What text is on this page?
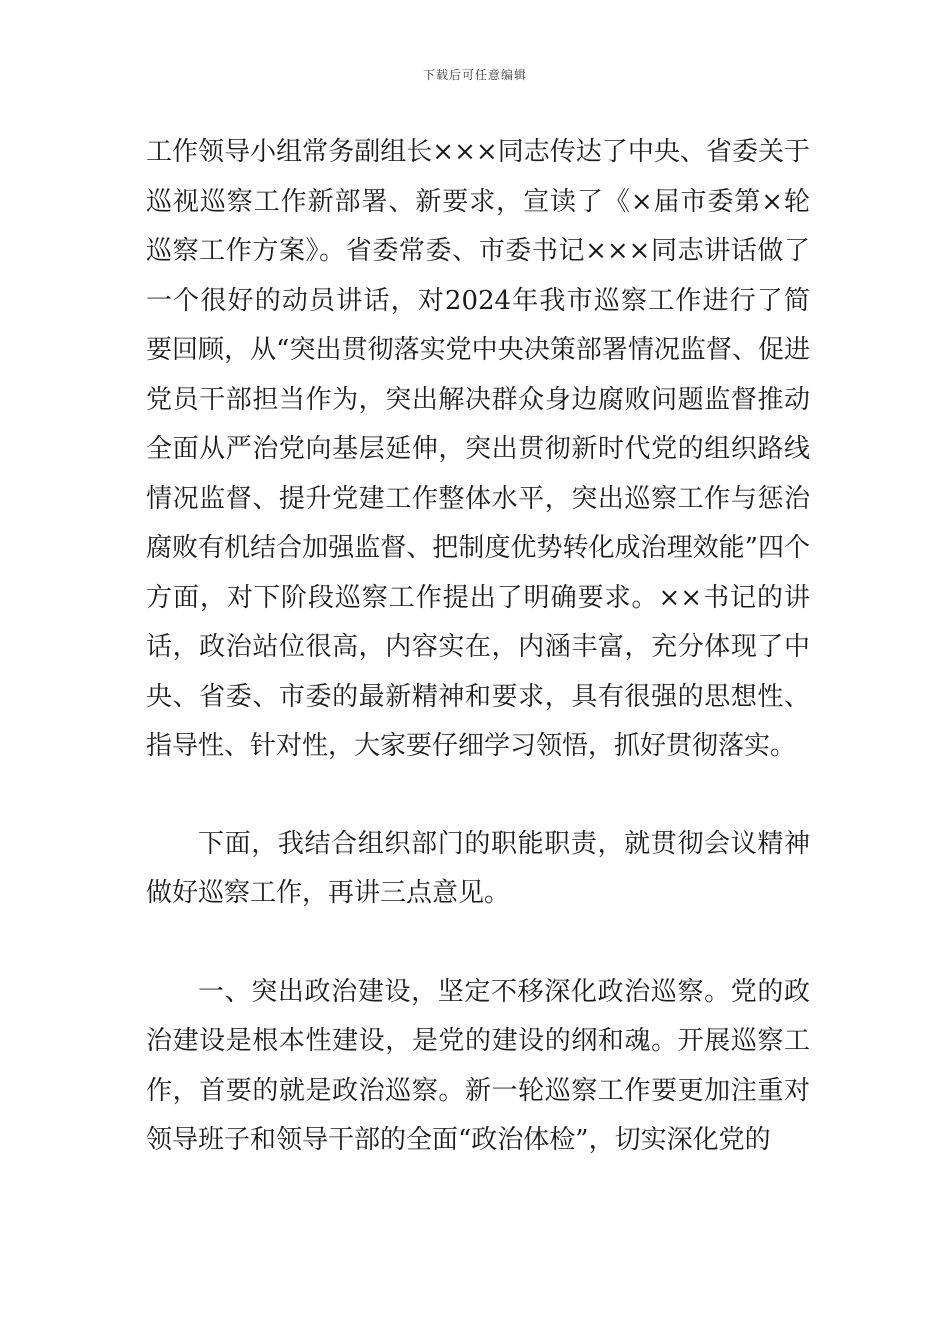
下载后可任意编辑

工作领导小组常务副组长×××同志传达了中央、省委关于巡视巡察工作新部署、新要求，宣读了《×届市委第×轮巡察工作方案》。省委常委、市委书记×××同志讲话做了一个很好的动员讲话，对2024年我市巡察工作进行了简要回顾，从“突出贯彻落实党中央决策部署情况监督、促进党员干部担当作为，突出解决群众身边腐败问题监督推动全面从严治党向基层延伸，突出贯彻新时代党的组织路线情况监督、提升党建工作整体水平，突出巡察工作与惩治腐败有机结合加强监督、把制度优势转化成治理效能”四个方面，对下阶段巡察工作提出了明确要求。××书记的讲话，政治站位很高，内容实在，内涵丰富，充分体现了中央、省委、市委的最新精神和要求，具有很强的思想性、指导性、针对性，大家要仔细学习领悟，抓好贯彻落实。

下面，我结合组织部门的职能职责，就贯彻会议精神做好巡察工作，再讲三点意见。

一、突出政治建设，坚定不移深化政治巡察。党的政治建设是根本性建设，是党的建设的纲和魂。开展巡察工作，首要的就是政治巡察。新一轮巡察工作要更加注重对领导班子和领导干部的全面“政治体检”，切实深化党的
